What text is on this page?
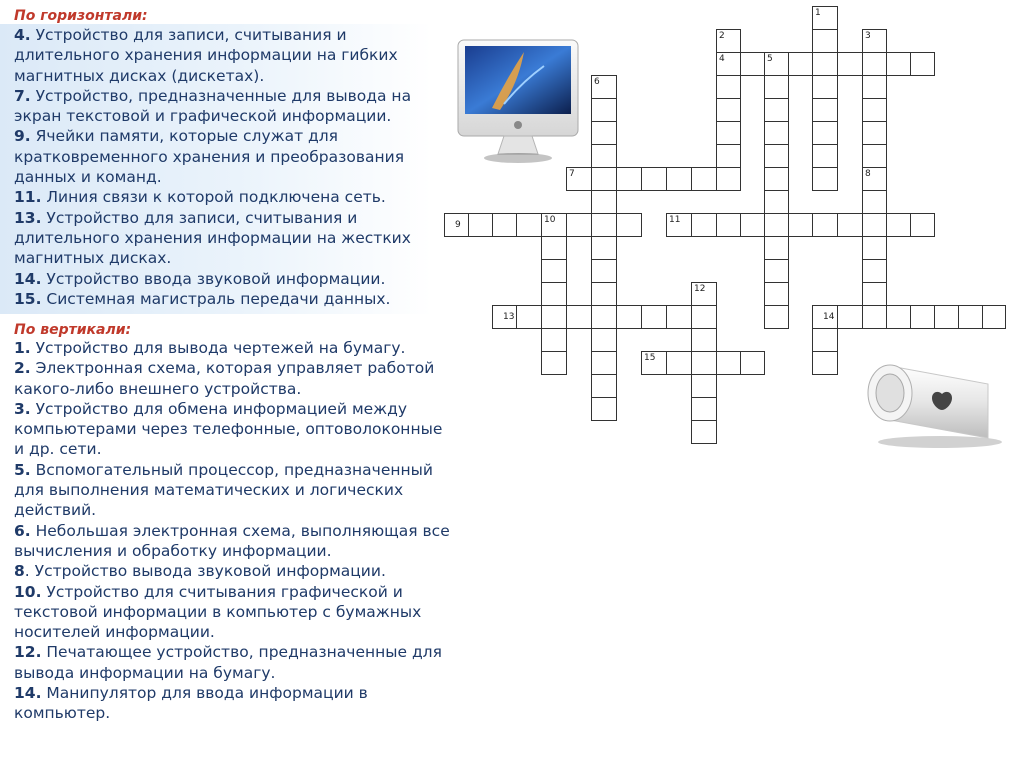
По горизонтали:

4. Устройство для записи, считывания и длительного хранения информации на гибких магнитных дисках (дискетах).

7. Устройство, предназначенные для вывода на экран текстовой и графической информации.

9. Ячейки памяти, которые служат для кратковременного хранения и преобразования данных и команд.

11. Линия связи к которой подключена сеть.

13. Устройство для записи, считывания и длительного хранения информации на жестких магнитных дисках.

14. Устройство ввода звуковой информации.

15. Системная магистраль передачи данных.

По вертикали:

1. Устройство для вывода чертежей на бумагу.

2. Электронная схема, которая управляет работой какого-либо внешнего устройства.

3. Устройство для обмена информацией между компьютерами через телефонные, оптоволоконные и др. сети.

5. Вспомогательный процессор, предназначенный для выполнения математических и логических действий.

6. Небольшая электронная схема, выполняющая все вычисления и обработку информации.

8. Устройство вывода звуковой информации.

10. Устройство для считывания графической и текстовой информации в компьютер с бумажных носителей информации.

12. Печатающее устройство, предназначенные для вывода информации на бумагу.

14. Манипулятор для ввода информации в компьютер.

1
2
4
3
8
5
6
7
9	10	11
12
13	14
15
